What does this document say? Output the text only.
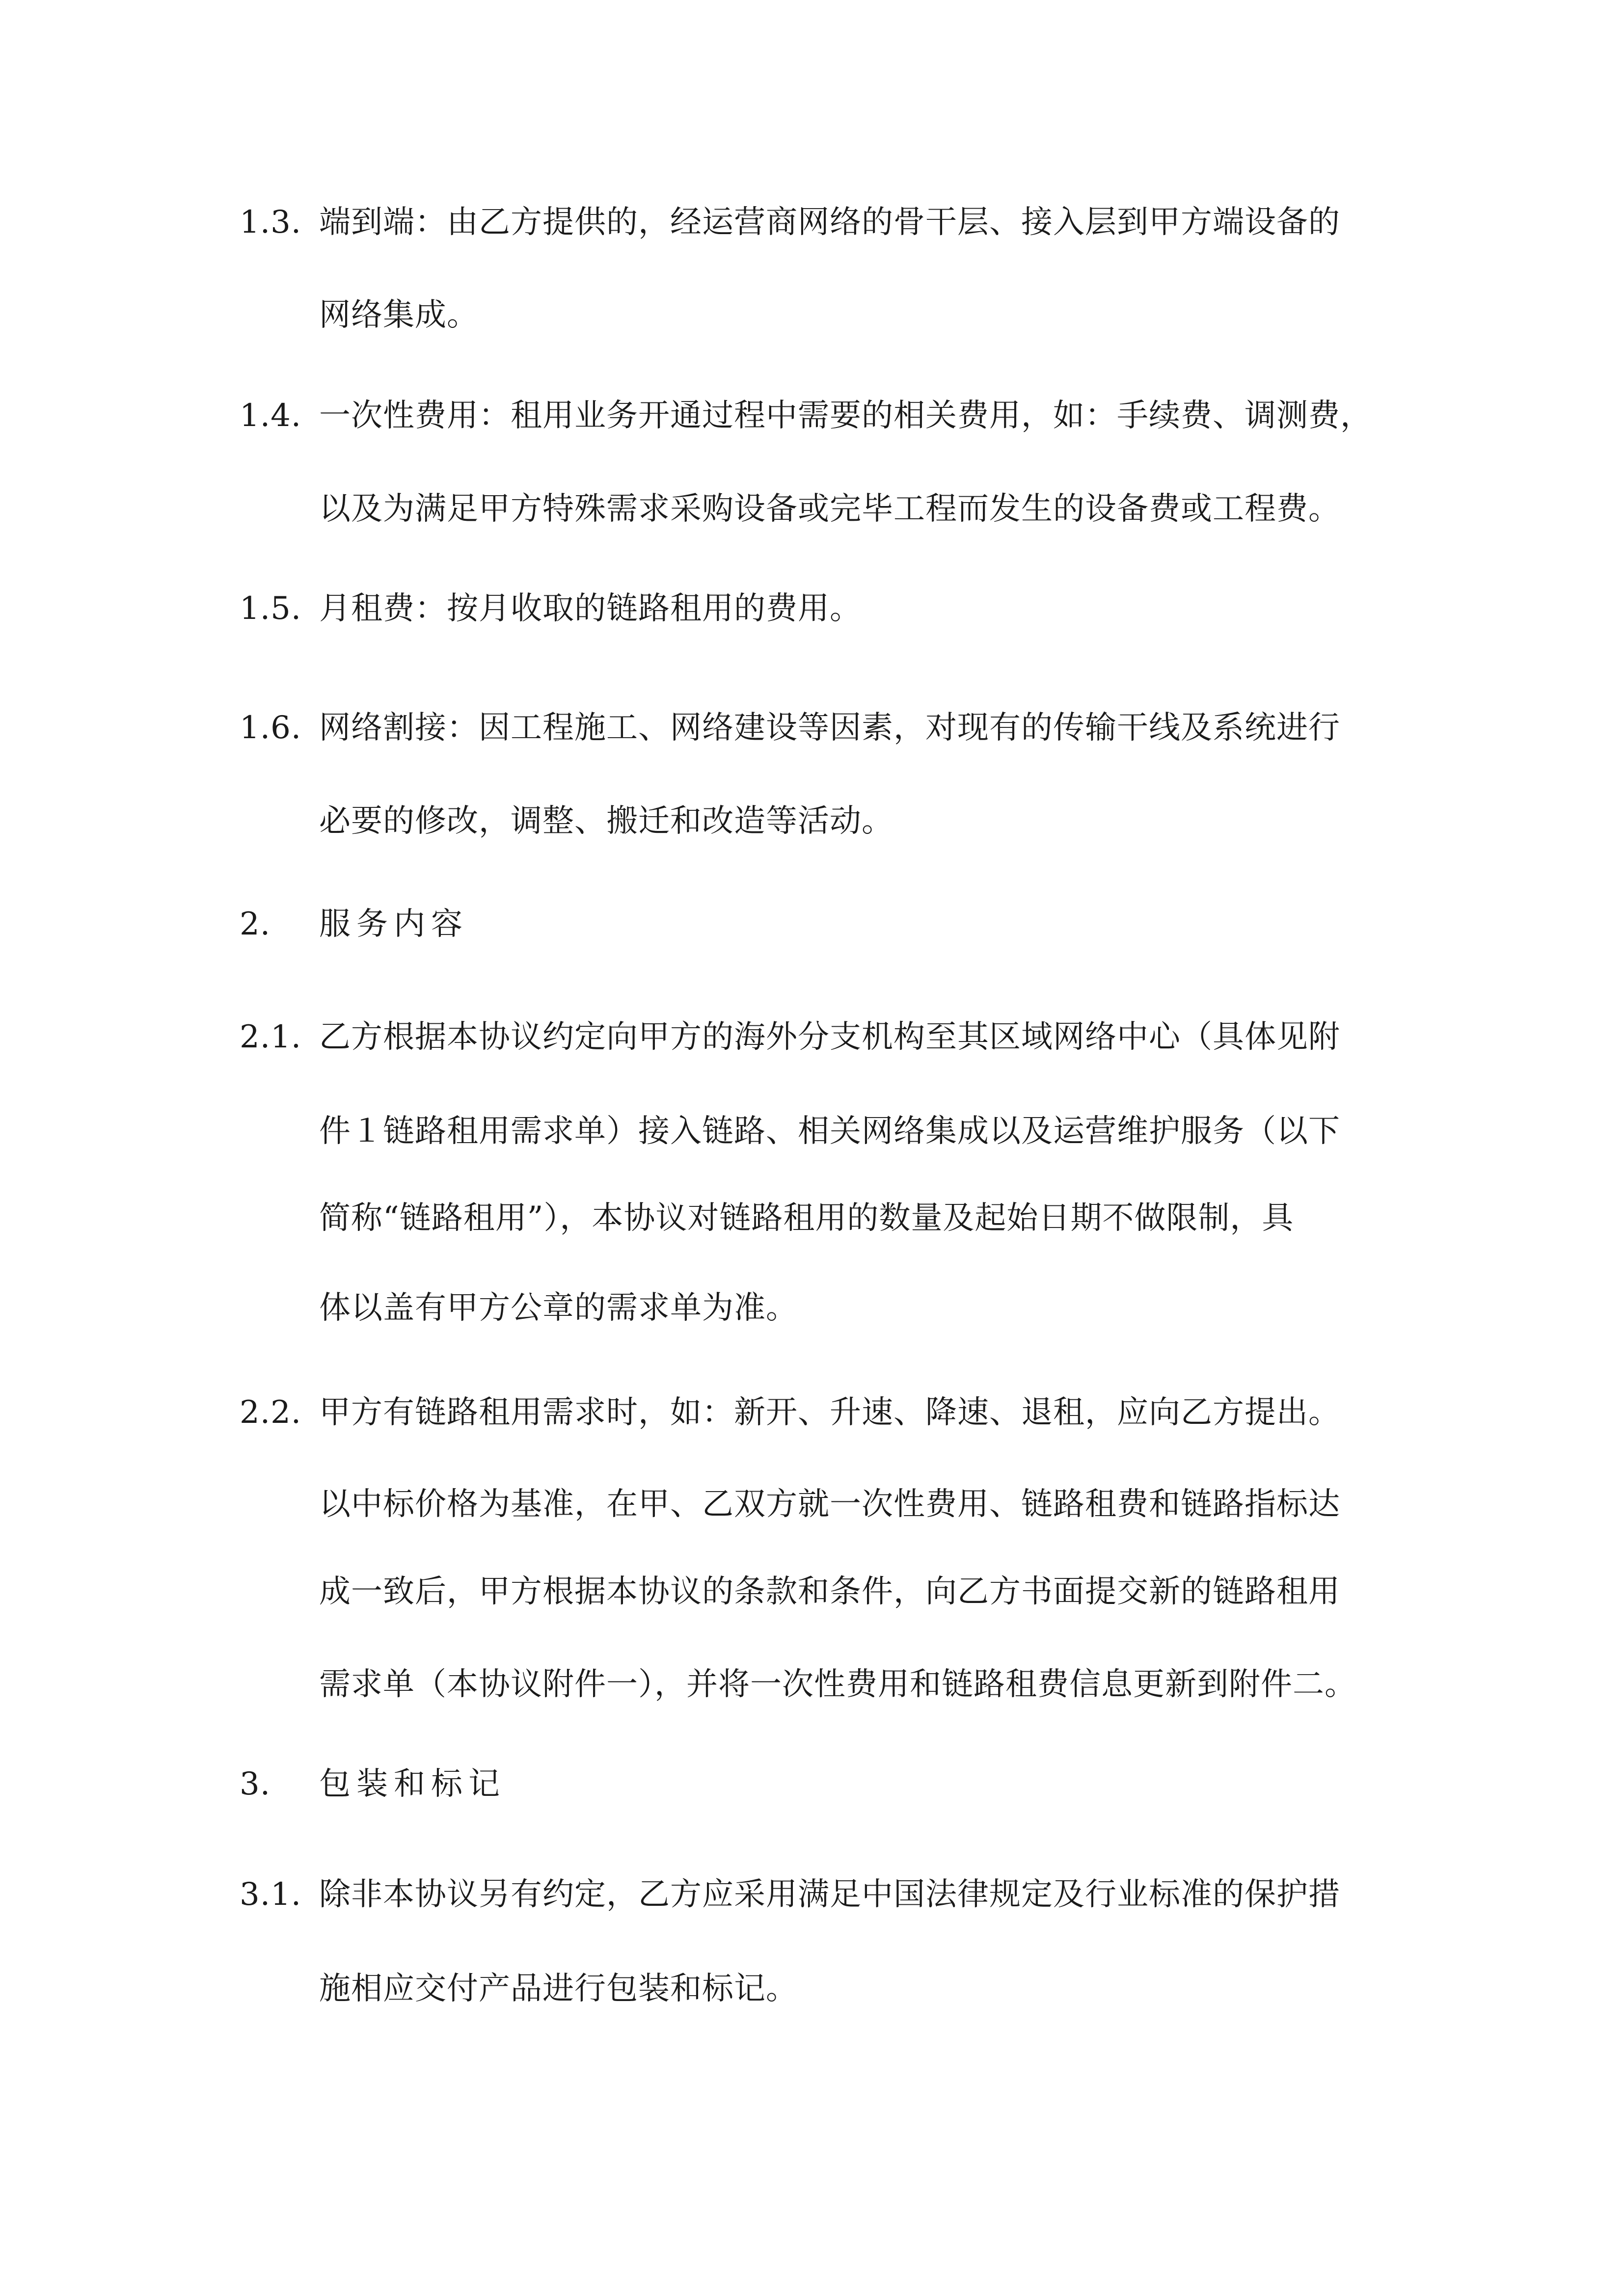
1.3. 端到端：由乙方提供的，经运营商网络的骨干层、接入层到甲方端设备的
网络集成。
1.4. 一次性费用：租用业务开通过程中需要的相关费用，如：手续费、调测费，
以及为满足甲方特殊需求采购设备或完毕工程而发生的设备费或工程费。
1.5. 月租费：按月收取的链路租用的费用。
1.6. 网络割接：因工程施工、网络建设等因素，对现有的传输干线及系统进行
必要的修改，调整、搬迁和改造等活动。
2. 服务内容
2.1. 乙方根据本协议约定向甲方的海外分支机构至其区域网络中心（具体见附
件１链路租用需求单）接入链路、相关网络集成以及运营维护服务（以下
简称“链路租用”），本协议对链路租用的数量及起始日期不做限制，具
体以盖有甲方公章的需求单为准。
2.2. 甲方有链路租用需求时，如：新开、升速、降速、退租，应向乙方提出。
以中标价格为基准，在甲、乙双方就一次性费用、链路租费和链路指标达
成一致后，甲方根据本协议的条款和条件，向乙方书面提交新的链路租用
需求单（本协议附件一），并将一次性费用和链路租费信息更新到附件二。
3. 包装和标记
3.1. 除非本协议另有约定，乙方应采用满足中国法律规定及行业标准的保护措
施相应交付产品进行包装和标记。
